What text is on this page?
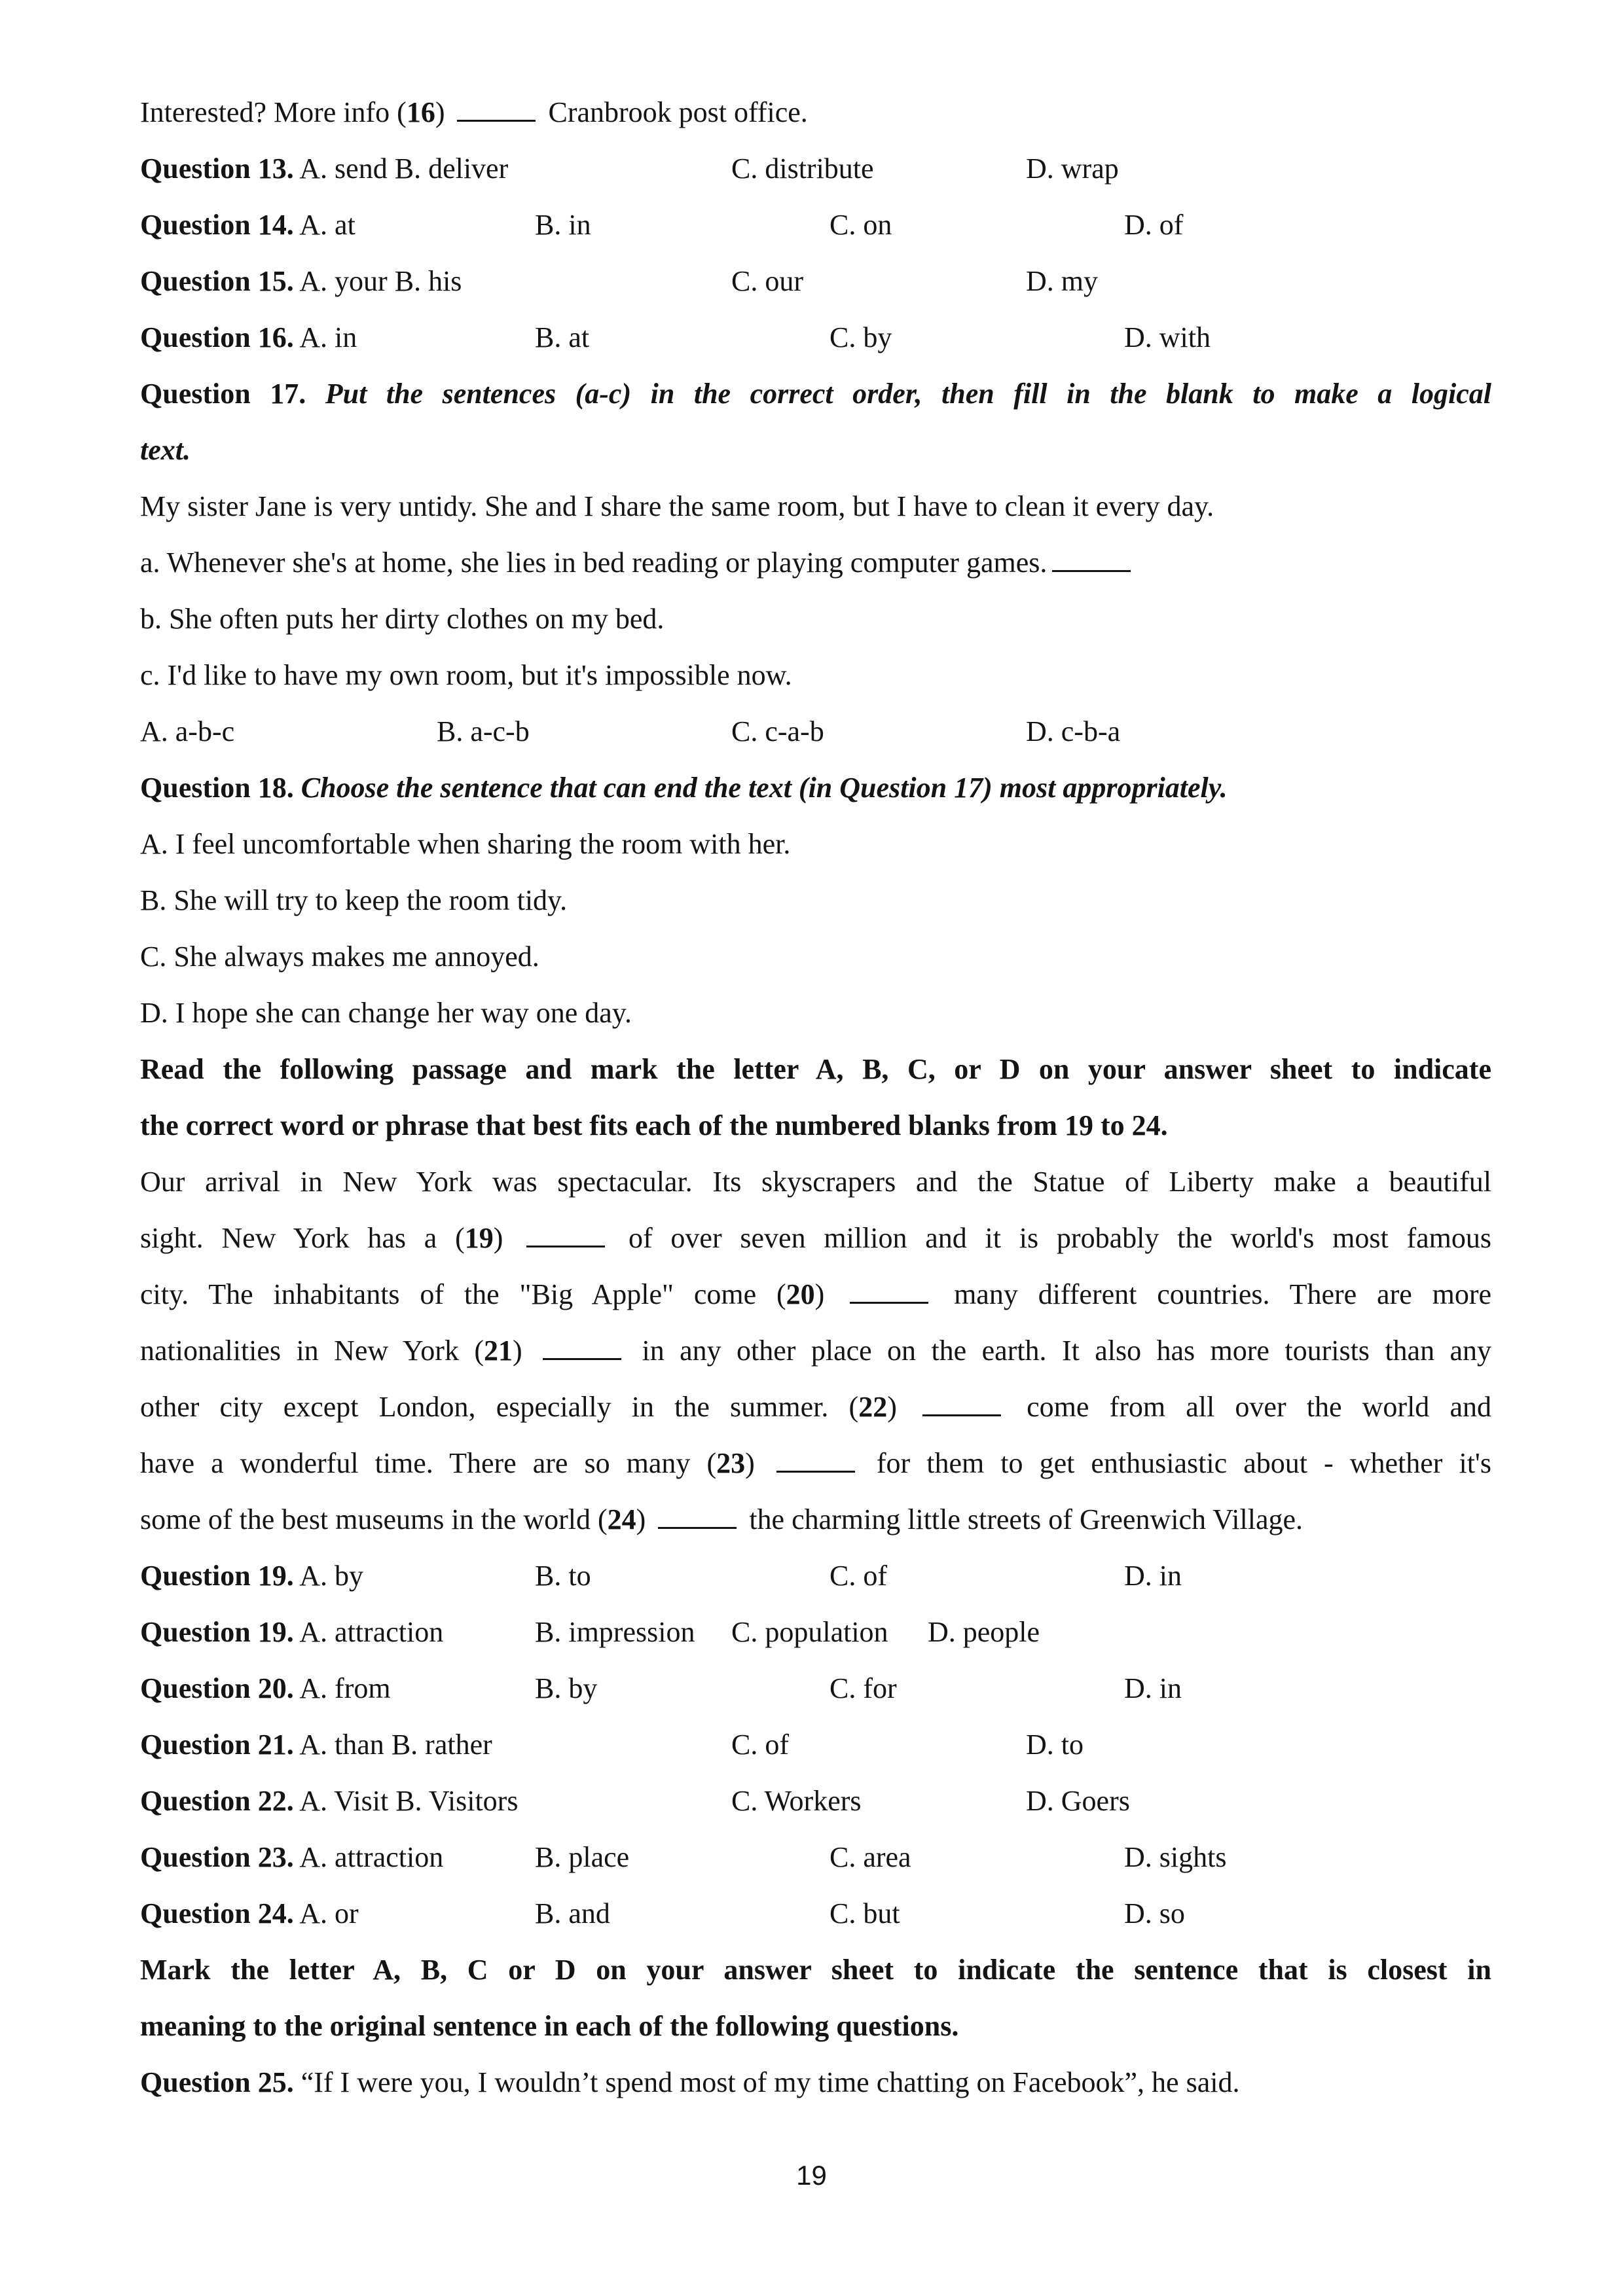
Interested? More info (16)	Cranbrook post office.
Question 13. A. send B. deliver	C. distribute	D. wrap
Question 14. A. at	B. in	C. on	D. of
Question 15. A. your B. his	C. our	D. my
Question 16. A. in	B. at	C. by	D. with
Question 17. Put the sentences (a-c) in the correct order, then fill in the blank to make a logical
text.
My sister Jane is very untidy. She and I share the same room, but I have to clean it every day.
a. Whenever she's at home, she lies in bed reading or playing computer games.
b. She often puts her dirty clothes on my bed.
c. I'd like to have my own room, but it's impossible now.
A. a-b-c	B. a-c-b	C. c-a-b	D. c-b-a
Question 18. Choose the sentence that can end the text (in Question 17) most appropriately.
A. I feel uncomfortable when sharing the room with her.
B. She will try to keep the room tidy.
C. She always makes me annoyed.
D. I hope she can change her way one day.
Read the following passage and mark the letter A, B, C, or D on your answer sheet to indicate
the correct word or phrase that best fits each of the numbered blanks from 19 to 24.
Our arrival in New York was spectacular. Its skyscrapers and the Statue of Liberty make a beautiful
sight. New York has a (19)	of over seven million and it is probably the world's most famous
city. The inhabitants of the "Big Apple" come (20)	many different countries. There are more
nationalities in New York (21)	in any other place on the earth. It also has more tourists than any
other city except London, especially in the summer. (22)	come from all over the world and
have a wonderful time. There are so many (23)	for them to get enthusiastic about - whether it's
some of the best museums in the world (24)	the charming little streets of Greenwich Village.
Question 19. A. by	B. to	C. of	D. in
Question 19. A. attraction	B. impression C. population D. people
Question 20. A. from	B. by	C. for	D. in
Question 21. A. than B. rather	C. of	D. to
Question 22. A. Visit B. Visitors	C. Workers	D. Goers
Question 23. A. attraction	B. place	C. area	D. sights
Question 24. A. or	B. and	C. but	D. so
Mark the letter A, B, C or D on your answer sheet to indicate the sentence that is closest in
meaning to the original sentence in each of the following questions.
Question 25. “If I were you, I wouldn’t spend most of my time chatting on Facebook”, he said.
19
